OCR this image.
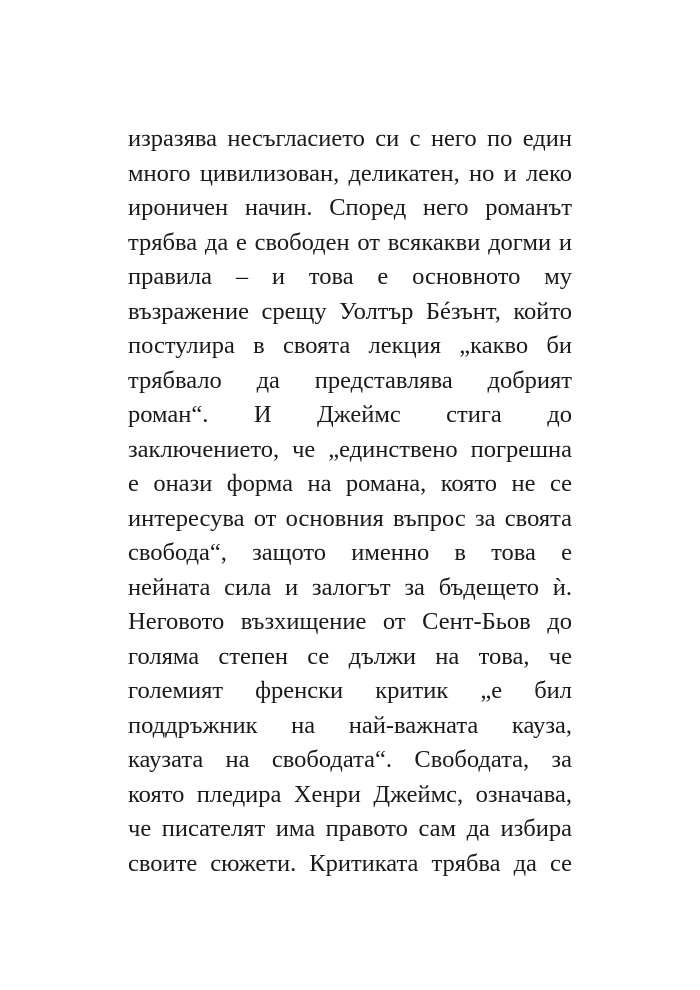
изразява несъгласието си с него по един
много цивилизован, деликатен, но и леко
ироничен начин. Според него романът
трябва да е свободен от всякакви догми и
правила – и това е основното му
възражение срещу Уолтър Бéзънт, който
постулира в своята лекция „какво би
трябвало да представлява добрият
роман“. И Джеймс стига до
заключението, че „единствено погрешна
е онази форма на романа, която не се
интересува от основния въпрос за своята
свобода“, защото именно в това е
нейната сила и залогът за бъдещето ѝ.
Неговото възхищение от Сент-Бьов до
голяма степен се дължи на това, че
големият френски критик „е бил
поддръжник на най-важната кауза,
каузата на свободата“. Свободата, за
която пледира Хенри Джеймс, означава,
че писателят има правото сам да избира
своите сюжети. Критиката трябва да се
